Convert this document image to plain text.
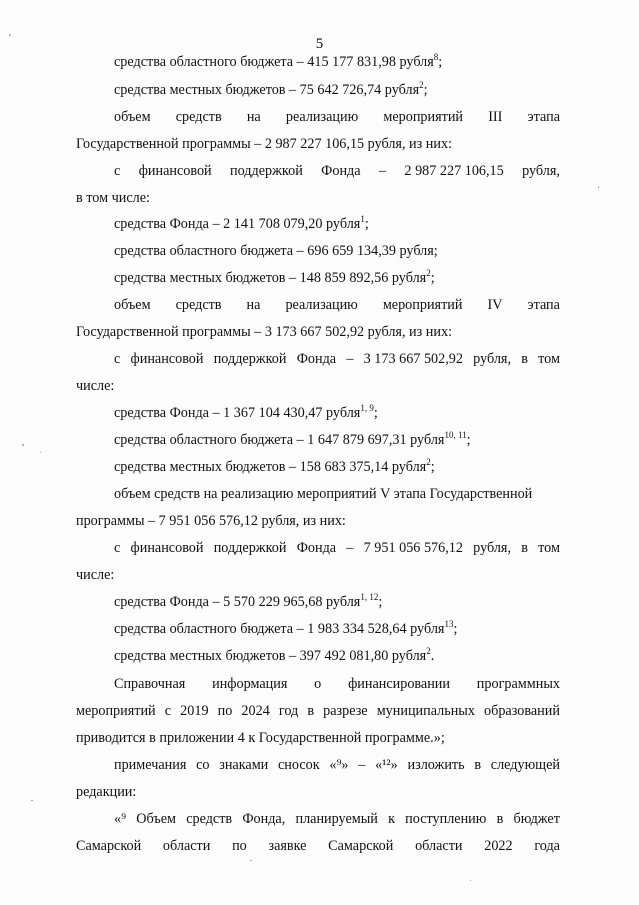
'	5
средства областного бюджета – 415 177 831,98 рубля$^8$;
средства местных бюджетов – 75 642 726,74 рубля$^2$;
объем средств на реализацию мероприятий III этапа
Государственной программы – 2 987 227 106,15 рубля, из них:
с финансовой поддержкой Фонда – 2 987 227 106,15 рубля,
в том числе:
средства Фонда – 2 141 708 079,20 рубля$^1$;
средства областного бюджета – 696 659 134,39 рубля;
средства местных бюджетов – 148 859 892,56 рубля$^2$;
объем средств на реализацию мероприятий IV этапа
Государственной программы – 3 173 667 502,92 рубля, из них:
с финансовой поддержкой Фонда – 3 173 667 502,92 рубля, в том
числе:
средства Фонда – 1 367 104 430,47 рубля$^{1, 9}$;
средства областного бюджета – 1 647 879 697,31 рубля$^{10, 11}$;
средства местных бюджетов – 158 683 375,14 рубля$^2$;
объем средств на реализацию мероприятий V этапа Государственной
программы – 7 951 056 576,12 рубля, из них:
с финансовой поддержкой Фонда – 7 951 056 576,12 рубля, в том
числе:
средства Фонда – 5 570 229 965,68 рубля$^{1, 12}$;
средства областного бюджета – 1 983 334 528,64 рубля$^{13}$;
средства местных бюджетов – 397 492 081,80 рубля$^2$.
Справочная информация о финансировании программных
мероприятий с 2019 по 2024 год в разрезе муниципальных образований
приводится в приложении 4 к Государственной программе.»;
примечания со знаками сносок «⁹» – «¹²» изложить в следующей
редакции:
«⁹ Объем средств Фонда, планируемый к поступлению в бюджет
Самарской области по заявке Самарской области 2022 года
